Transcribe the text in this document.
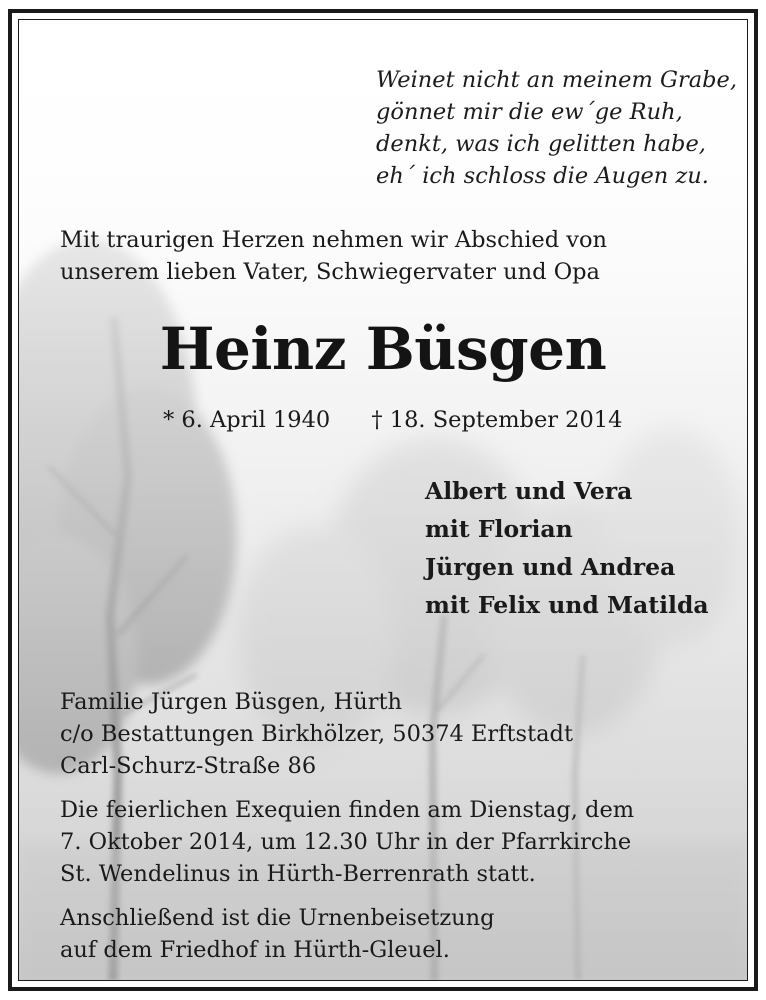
Weinet nicht an meinem Grabe,
gönnet mir die ew´ge Ruh,
denkt, was ich gelitten habe,
eh´ ich schloss die Augen zu.
Mit traurigen Herzen nehmen wir Abschied von
unserem lieben Vater, Schwiegervater und Opa
Heinz Büsgen
* 6. April 1940 † 18. September 2014
Albert und Vera
mit Florian
Jürgen und Andrea
mit Felix und Matilda
Familie Jürgen Büsgen, Hürth
c/o Bestattungen Birkhölzer, 50374 Erftstadt
Carl-Schurz-Straße 86
Die feierlichen Exequien finden am Dienstag, dem
7. Oktober 2014, um 12.30 Uhr in der Pfarrkirche
St. Wendelinus in Hürth-Berrenrath statt.
Anschließend ist die Urnenbeisetzung
auf dem Friedhof in Hürth-Gleuel.
